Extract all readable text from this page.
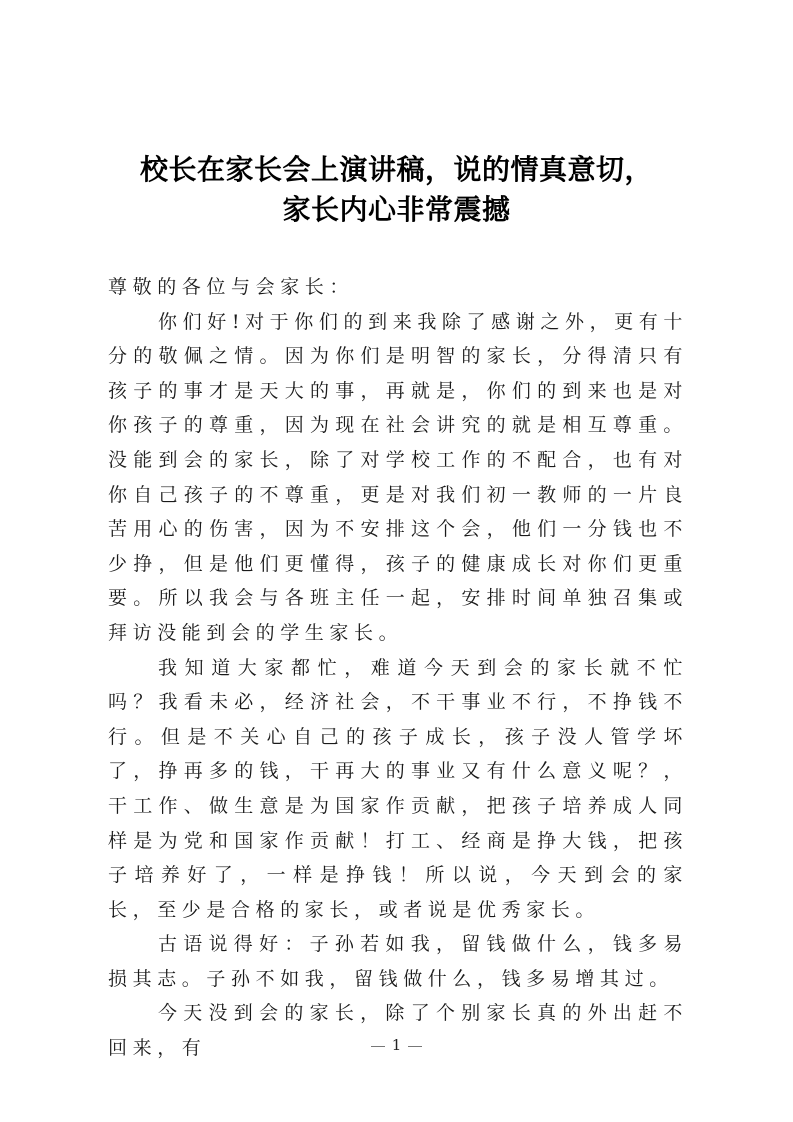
校长在家长会上演讲稿，说的情真意切，
家长内心非常震撼

尊敬的各位与会家长：

你们好!对于你们的到来我除了感谢之外，更有十分的敬佩之情。因为你们是明智的家长，分得清只有孩子的事才是天大的事，再就是，你们的到来也是对你孩子的尊重，因为现在社会讲究的就是相互尊重。没能到会的家长，除了对学校工作的不配合，也有对你自己孩子的不尊重，更是对我们初一教师的一片良苦用心的伤害，因为不安排这个会，他们一分钱也不少挣，但是他们更懂得，孩子的健康成长对你们更重要。所以我会与各班主任一起，安排时间单独召集或拜访没能到会的学生家长。

我知道大家都忙，难道今天到会的家长就不忙吗？我看未必，经济社会，不干事业不行，不挣钱不行。但是不关心自己的孩子成长，孩子没人管学坏了，挣再多的钱，干再大的事业又有什么意义呢？，干工作、做生意是为国家作贡献，把孩子培养成人同样是为党和国家作贡献！打工、经商是挣大钱，把孩子培养好了，一样是挣钱！所以说，今天到会的家长，至少是合格的家长，或者说是优秀家长。

古语说得好：子孙若如我，留钱做什么，钱多易损其志。子孙不如我，留钱做什么，钱多易增其过。

今天没到会的家长，除了个别家长真的外出赶不回来，有	1
